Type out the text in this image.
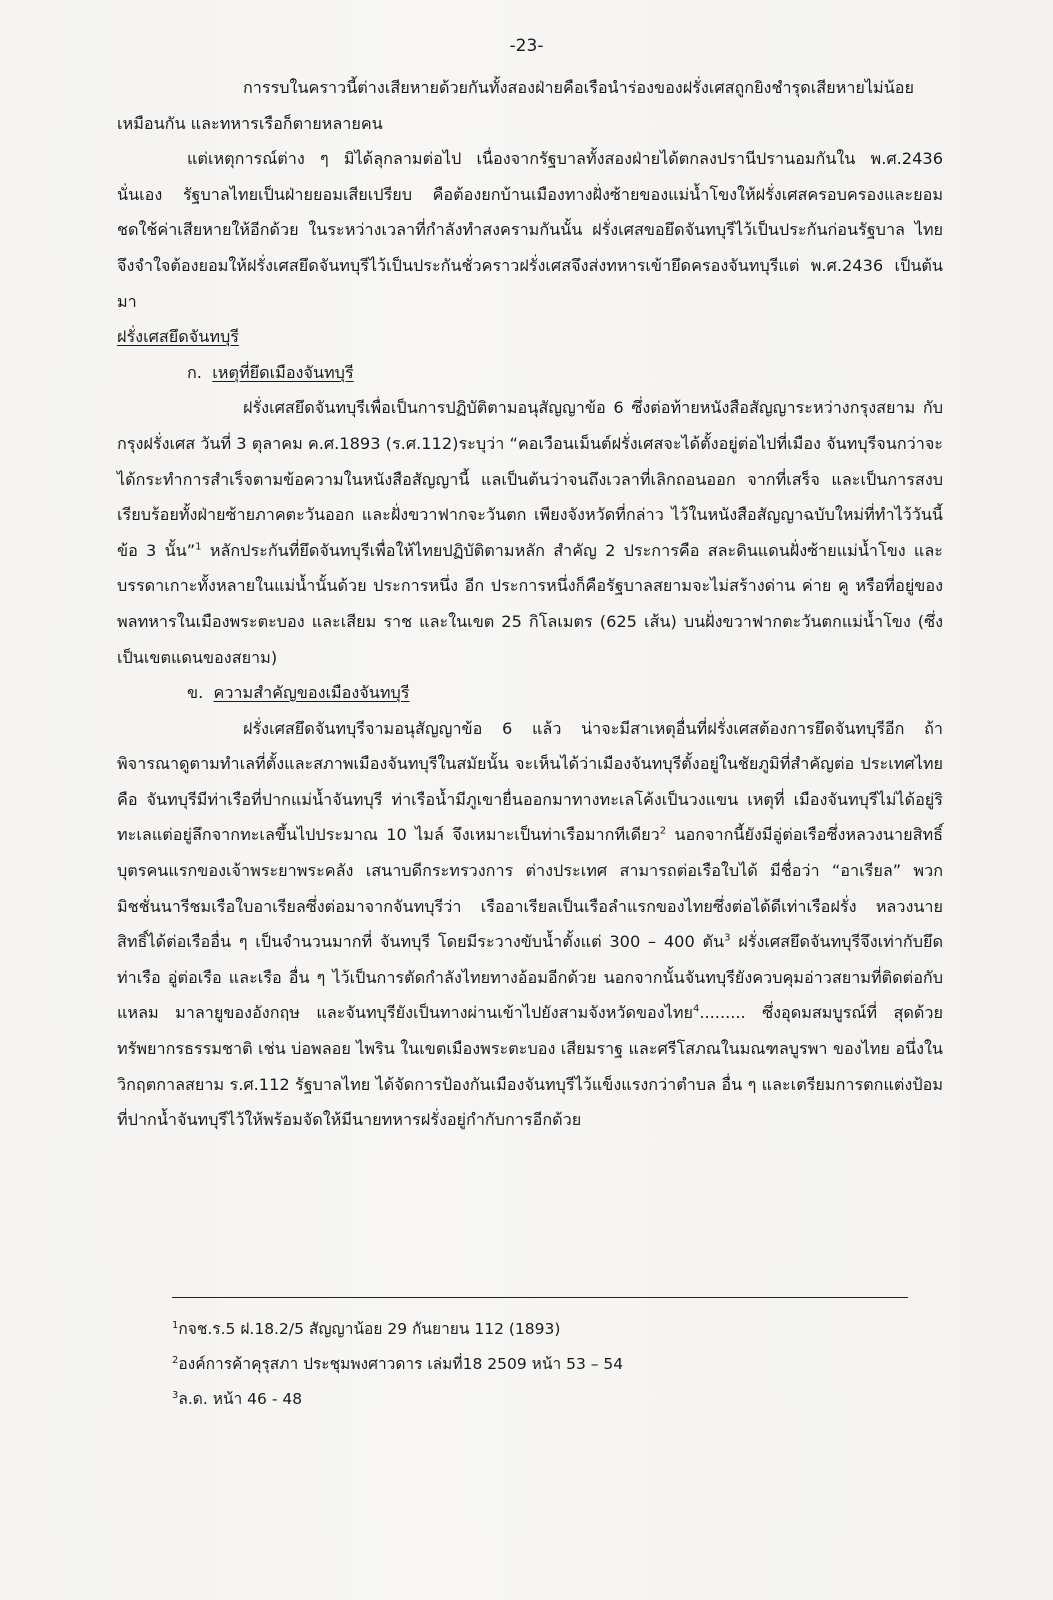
-23-

การรบในคราวนี้ต่างเสียหายด้วยกันทั้งสองฝ่ายคือเรือนำร่องของฝรั่งเศสถูกยิงชำรุดเสียหายไม่น้อย

เหมือนกัน และทหารเรือก็ตายหลายคน

แต่เหตุการณ์ต่าง ๆ มิได้ลุกลามต่อไป เนื่องจากรัฐบาลทั้งสองฝ่ายได้ตกลงปรานีปรานอมกันใน พ.ศ.2436 นั่นเอง รัฐบาลไทยเป็นฝ่ายยอมเสียเปรียบ คือต้องยกบ้านเมืองทางฝั่งซ้ายของแม่น้ำโขงให้ฝรั่งเศสครอบครองและยอม ชดใช้ค่าเสียหายให้อีกด้วย ในระหว่างเวลาที่กำลังทำสงครามกันนั้น ฝรั่งเศสขอยึดจันทบุรีไว้เป็นประกันก่อนรัฐบาล ไทยจึงจำใจต้องยอมให้ฝรั่งเศสยึดจันทบุรีไว้เป็นประกันชั่วคราวฝรั่งเศสจึงส่งทหารเข้ายึดครองจันทบุรีแต่ พ.ศ.2436 เป็นต้นมา

ฝรั่งเศสยึดจันทบุรี

ก. เหตุที่ยึดเมืองจันทบุรี

ฝรั่งเศสยึดจันทบุรีเพื่อเป็นการปฏิบัติตามอนุสัญญาข้อ 6 ซึ่งต่อท้ายหนังสือสัญญาระหว่างกรุงสยาม กับกรุงฝรั่งเศส วันที่ 3 ตุลาคม ค.ศ.1893 (ร.ศ.112)ระบุว่า “คอเวือนเม็นต์ฝรั่งเศสจะได้ตั้งอยู่ต่อไปที่เมือง จันทบุรีจนกว่าจะได้กระทำการสำเร็จตามข้อความในหนังสือสัญญานี้ แลเป็นต้นว่าจนถึงเวลาที่เลิกถอนออก จากที่เสร็จ และเป็นการสงบเรียบร้อยทั้งฝ่ายซ้ายภาคตะวันออก และฝั่งขวาฟากจะวันตก เพียงจังหวัดที่กล่าว ไว้ในหนังสือสัญญาฉบับใหม่ที่ทำไว้วันนี้ ข้อ 3 นั้น”$^1$ หลักประกันที่ยึดจันทบุรีเพื่อให้ไทยปฏิบัติตามหลัก สำคัญ 2 ประการคือ สละดินแดนฝั่งซ้ายแม่น้ำโขง และบรรดาเกาะทั้งหลายในแม่น้ำนั้นด้วย ประการหนึ่ง อีก ประการหนึ่งก็คือรัฐบาลสยามจะไม่สร้างด่าน ค่าย คู หรือที่อยู่ของพลทหารในเมืองพระตะบอง และเสียม ราช และในเขต 25 กิโลเมตร (625 เส้น) บนฝั่งขวาฟากตะวันตกแม่น้ำโขง (ซึ่งเป็นเขตแดนของสยาม)

ข. ความสำคัญของเมืองจันทบุรี

ฝรั่งเศสยึดจันทบุรีจามอนุสัญญาข้อ 6 แล้ว น่าจะมีสาเหตุอื่นที่ฝรั่งเศสต้องการยึดจันทบุรีอีก ถ้า พิจารณาดูตามทำเลที่ตั้งและสภาพเมืองจันทบุรีในสมัยนั้น จะเห็นได้ว่าเมืองจันทบุรีตั้งอยู่ในชัยภูมิที่สำคัญต่อ ประเทศไทยคือ จันทบุรีมีท่าเรือที่ปากแม่น้ำจันทบุรี ท่าเรือน้ำมีภูเขายื่นออกมาทางทะเลโค้งเป็นวงแขน เหตุที่ เมืองจันทบุรีไม่ได้อยู่ริทะเลแต่อยู่ลึกจากทะเลขึ้นไปประมาณ 10 ไมล์ จึงเหมาะเป็นท่าเรือมากทีเดียว$^2$ นอกจากนี้ยังมีอู่ต่อเรือซึ่งหลวงนายสิทธิ์ บุตรคนแรกของเจ้าพระยาพระคลัง เสนาบดีกระทรวงการ ต่างประเทศ สามารถต่อเรือใบได้ มีชื่อว่า “อาเรียล” พวกมิชชั่นนารีชมเรือใบอาเรียลซึ่งต่อมาจากจันทบุรีว่า เรืออาเรียลเป็นเรือลำแรกของไทยซึ่งต่อได้ดีเท่าเรือฝรั่ง หลวงนายสิทธิ์ได้ต่อเรืออื่น ๆ เป็นจำนวนมากที่ จันทบุรี โดยมีระวางขับน้ำตั้งแต่ 300 – 400 ตัน$^3$ ฝรั่งเศสยึดจันทบุรีจึงเท่ากับยึดท่าเรือ อู่ต่อเรือ และเรือ อื่น ๆ ไว้เป็นการตัดกำลังไทยทางอ้อมอีกด้วย นอกจากนั้นจันทบุรียังควบคุมอ่าวสยามที่ติดต่อกับแหลม มาลายูของอังกฤษ และจันทบุรียังเป็นทางผ่านเข้าไปยังสามจังหวัดของไทย$^4$......... ซึ่งอุดมสมบูรณ์ที่ สุดด้วย ทรัพยากรธรรมชาติ เช่น บ่อพลอย ไพริน ในเขตเมืองพระตะบอง เสียมราฐ และศรีโสภณในมณฑลบูรพา ของไทย อนึ่งในวิกฤตกาลสยาม ร.ศ.112 รัฐบาลไทย ได้จัดการป้องกันเมืองจันทบุรีไว้แข็งแรงกว่าตำบล อื่น ๆ และเตรียมการตกแต่งป้อมที่ปากน้ำจันทบุรีไว้ให้พร้อมจัดให้มีนายทหารฝรั่งอยู่กำกับการอีกด้วย

$^1$กจช.ร.5 ฝ.18.2/5 สัญญาน้อย 29 กันยายน 112 (1893)

$^2$องค์การค้าคุรุสภา ประชุมพงศาวดาร เล่มที่18 2509 หน้า 53 – 54

$^3$ล.ด. หน้า 46 - 48
